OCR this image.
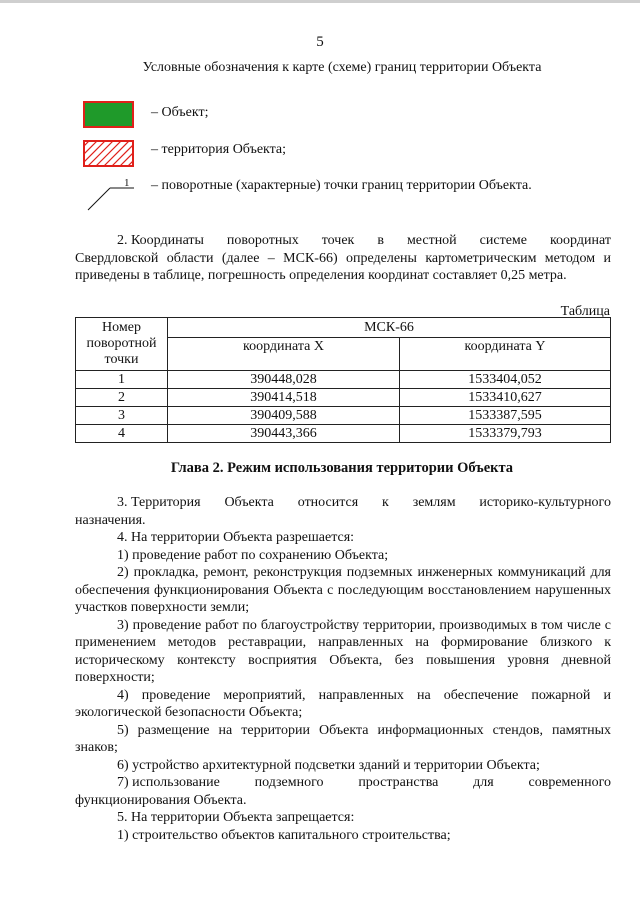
5
Условные обозначения к карте (схеме) границ территории Объекта
– Объект;
– территория Объекта;
1 – поворотные (характерные) точки границ территории Объекта.
2. Координаты поворотных точек в местной системе координат
Свердловской области (далее – МСК-66) определены картометрическим методом и приведены в таблице, погрешность определения координат составляет 0,25 метра.
Таблица
Номер поворотной точки	МСК-66	
	координата X	координата Y
1	390448,028	1533404,052
2	390414,518	1533410,627
3	390409,588	1533387,595
4	390443,366	1533379,793
Глава 2. Режим использования территории Объекта
3. Территория Объекта относится к землям историко-культурного
назначения.
4. На территории Объекта разрешается:
1) проведение работ по сохранению Объекта;
2) прокладка, ремонт, реконструкция подземных инженерных коммуникаций для обеспечения функционирования Объекта с последующим восстановлением нарушенных участков поверхности земли;
3) проведение работ по благоустройству территории, производимых в том числе с применением методов реставрации, направленных на формирование близкого к историческому контексту восприятия Объекта, без повышения уровня дневной поверхности;
4) проведение мероприятий, направленных на обеспечение пожарной и экологической безопасности Объекта;
5) размещение на территории Объекта информационных стендов, памятных знаков;
6) устройство архитектурной подсветки зданий и территории Объекта;
7) использование подземного пространства для современного
функционирования Объекта.
5. На территории Объекта запрещается:
1) строительство объектов капитального строительства;
